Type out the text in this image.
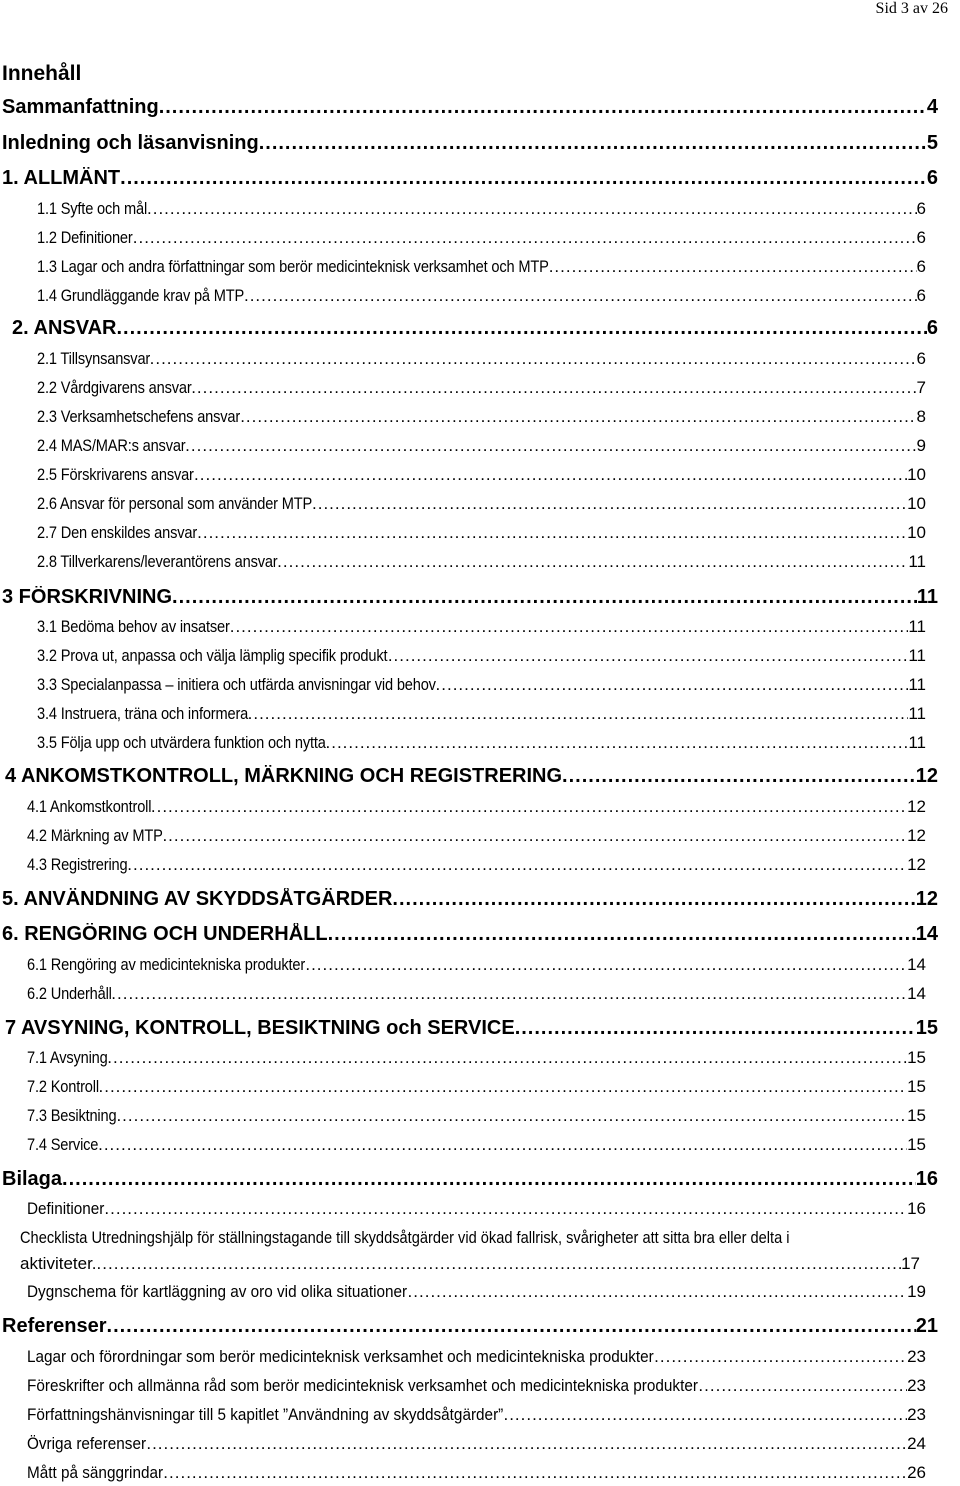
Sid 3 av 26
Innehåll
Sammanfattning .....	4
Inledning och läsanvisning .....	5
1. ALLMÄNT .....	6
1.1 Syfte och mål .....	6
1.2 Definitioner .....	6
1.3 Lagar och andra författningar som berör medicinteknisk verksamhet och MTP .....	6
1.4 Grundläggande krav på MTP .....	6
2. ANSVAR .....	6
2.1 Tillsynsansvar .....	6
2.2 Vårdgivarens ansvar .....	7
2.3 Verksamhetschefens ansvar .....	8
2.4 MAS/MAR:s ansvar .....	9
2.5 Förskrivarens ansvar .....	10
2.6 Ansvar för personal som använder MTP .....	10
2.7 Den enskildes ansvar .....	10
2.8 Tillverkarens/leverantörens ansvar .....	11
3 FÖRSKRIVNING .....	11
3.1 Bedöma behov av insatser .....	11
3.2 Prova ut, anpassa och välja lämplig specifik produkt .....	11
3.3 Specialanpassa – initiera och utfärda anvisningar vid behov .....	11
3.4 Instruera, träna och informera .....	11
3.5 Följa upp och utvärdera funktion och nytta .....	11
4 ANKOMSTKONTROLL, MÄRKNING OCH REGISTRERING .....	12
4.1 Ankomstkontroll .....	12
4.2 Märkning av MTP .....	12
4.3 Registrering .....	12
5. ANVÄNDNING AV SKYDDSÅTGÄRDER .....	12
6. RENGÖRING OCH UNDERHÅLL .....	14
6.1 Rengöring av medicintekniska produkter .....	14
6.2 Underhåll .....	14
7 AVSYNING, KONTROLL, BESIKTNING och SERVICE .....	15
7.1 Avsyning .....	15
7.2 Kontroll .....	15
7.3 Besiktning .....	15
7.4 Service .....	15
Bilaga .....	16
Definitioner .....	16
Checklista Utredningshjälp för ställningstagande till skyddsåtgärder vid ökad fallrisk, svårigheter att sitta bra eller delta i
aktiviteter. .....	17
Dygnschema för kartläggning av oro vid olika situationer .....	19
Referenser .....	21
Lagar och förordningar som berör medicinteknisk verksamhet och medicintekniska produkter .....	23
Föreskrifter och allmänna råd som berör medicinteknisk verksamhet och medicintekniska produkter .....	23
Författningshänvisningar till 5 kapitlet ”Användning av skyddsåtgärder” .....	23
Övriga referenser .....	24
Mått på sänggrindar .....	26
